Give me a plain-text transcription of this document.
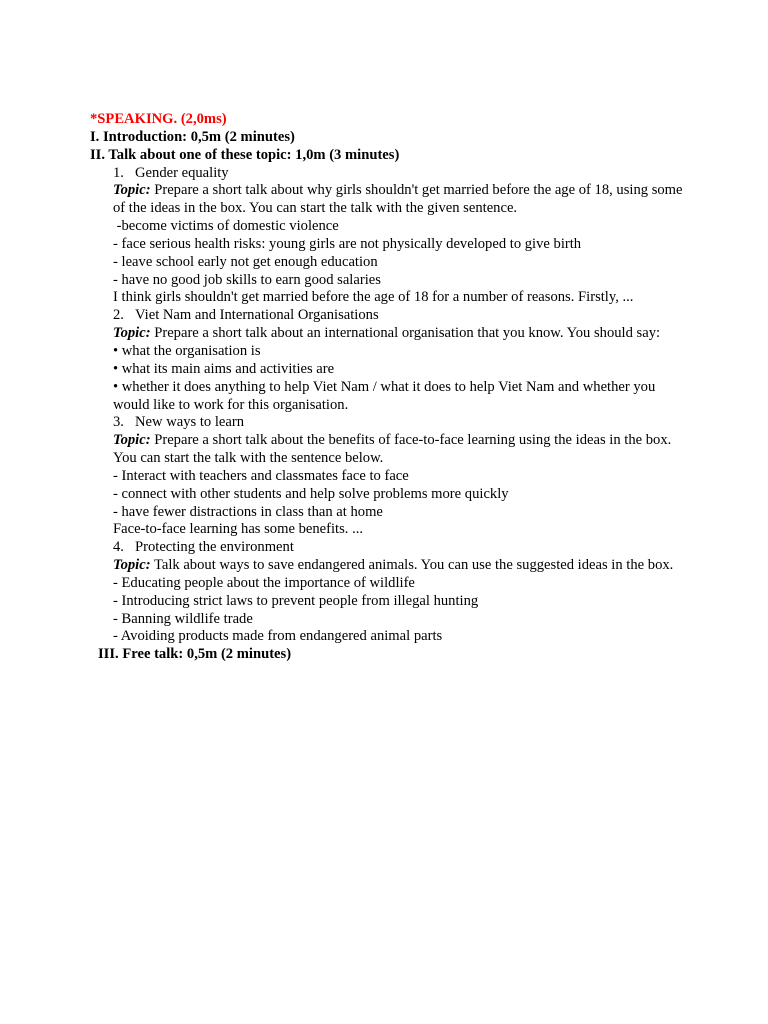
*SPEAKING. (2,0ms)
I. Introduction: 0,5m (2 minutes)
II. Talk about one of these topic: 1,0m (3 minutes)
1. Gender equality
Topic: Prepare a short talk about why girls shouldn't get married before the age of 18, using some
of the ideas in the box. You can start the talk with the given sentence.
-become victims of domestic violence
- face serious health risks: young girls are not physically developed to give birth
- leave school early not get enough education
- have no good job skills to earn good salaries
I think girls shouldn't get married before the age of 18 for a number of reasons. Firstly, ...
2. Viet Nam and International Organisations
Topic: Prepare a short talk about an international organisation that you know. You should say:
• what the organisation is
• what its main aims and activities are
• whether it does anything to help Viet Nam / what it does to help Viet Nam and whether you
would like to work for this organisation.
3. New ways to learn
Topic: Prepare a short talk about the benefits of face-to-face learning using the ideas in the box.
You can start the talk with the sentence below.
- Interact with teachers and classmates face to face
- connect with other students and help solve problems more quickly
- have fewer distractions in class than at home
Face-to-face learning has some benefits. ...
4. Protecting the environment
Topic: Talk about ways to save endangered animals. You can use the suggested ideas in the box.
- Educating people about the importance of wildlife
- Introducing strict laws to prevent people from illegal hunting
- Banning wildlife trade
- Avoiding products made from endangered animal parts
III. Free talk: 0,5m (2 minutes)
